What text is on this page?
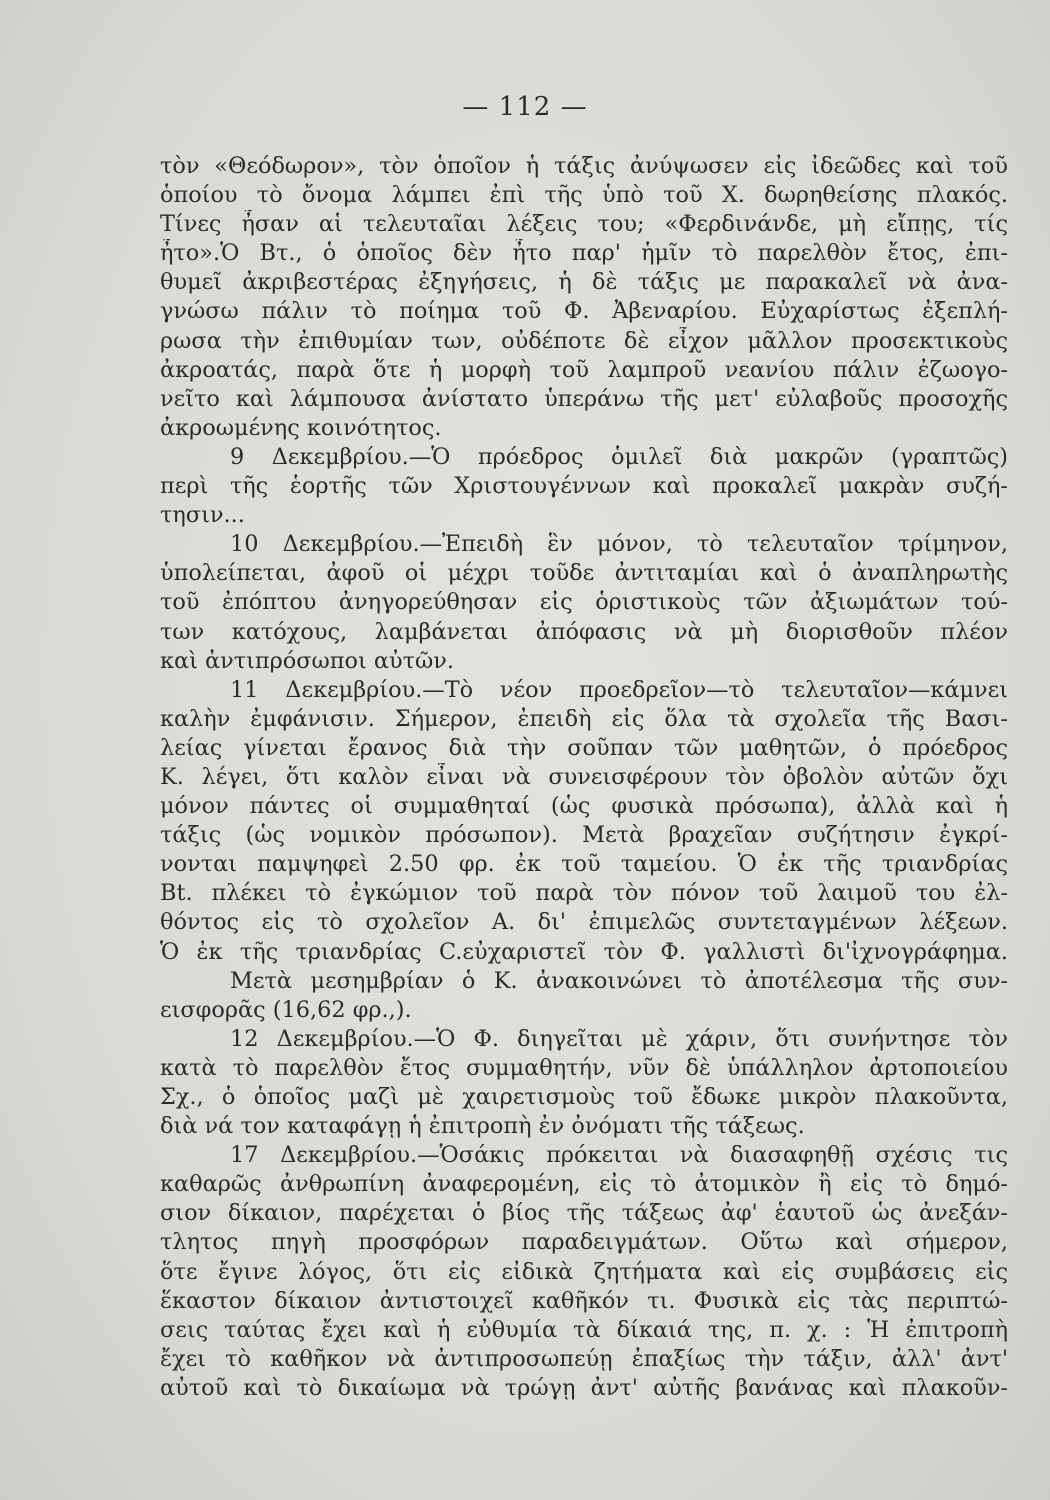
— 112 —
τὸν «Θεόδωρον», τὸν ὁποῖον ἡ τάξις ἀνύψωσεν εἰς ἰδεῶδες καὶ τοῦ
ὁποίου τὸ ὄνομα λάμπει ἐπὶ τῆς ὑπὸ τοῦ Χ. δωρηθείσης πλακός.
Τίνες ἦσαν αἱ τελευταῖαι λέξεις του; «Φερδινάνδε, μὴ εἴπῃς, τίς
ἦτο».Ὁ Βτ., ὁ ὁποῖος δὲν ἦτο παρ' ἡμῖν τὸ παρελθὸν ἔτος, ἐπι-
θυμεῖ ἀκριβεστέρας ἐξηγήσεις, ἡ δὲ τάξις με παρακαλεῖ νὰ ἀνα-
γνώσω πάλιν τὸ ποίημα τοῦ Φ. Ἀβεναρίου. Εὐχαρίστως ἐξεπλή-
ρωσα τὴν ἐπιθυμίαν των, οὐδέποτε δὲ εἶχον μᾶλλον προσεκτικοὺς
ἀκροατάς, παρὰ ὅτε ἡ μορφὴ τοῦ λαμπροῦ νεανίου πάλιν ἐζωογο-
νεῖτο καὶ λάμπουσα ἀνίστατο ὑπεράνω τῆς μετ' εὐλαβοῦς προσοχῆς
ἀκροωμένης κοινότητος.
9 Δεκεμβρίου.—Ὁ πρόεδρος ὁμιλεῖ διὰ μακρῶν (γραπτῶς)
περὶ τῆς ἑορτῆς τῶν Χριστουγέννων καὶ προκαλεῖ μακρὰν συζή-
τησιν...
10 Δεκεμβρίου.—Ἐπειδὴ ἓν μόνον, τὸ τελευταῖον τρίμηνον,
ὑπολείπεται, ἀφοῦ οἱ μέχρι τοῦδε ἀντιταμίαι καὶ ὁ ἀναπληρωτὴς
τοῦ ἐπόπτου ἀνηγορεύθησαν εἰς ὁριστικοὺς τῶν ἀξιωμάτων τού-
των κατόχους, λαμβάνεται ἀπόφασις νὰ μὴ διορισθοῦν πλέον
καὶ ἀντιπρόσωποι αὐτῶν.
11 Δεκεμβρίου.—Τὸ νέον προεδρεῖον—τὸ τελευταῖον—κάμνει
καλὴν ἐμφάνισιν. Σήμερον, ἐπειδὴ εἰς ὅλα τὰ σχολεῖα τῆς Βασι-
λείας γίνεται ἔρανος διὰ τὴν σοῦπαν τῶν μαθητῶν, ὁ πρόεδρος
Κ. λέγει, ὅτι καλὸν εἶναι νὰ συνεισφέρουν τὸν ὀβολὸν αὐτῶν ὄχι
μόνον πάντες οἱ συμμαθηταί (ὡς φυσικὰ πρόσωπα), ἀλλὰ καὶ ἡ
τάξις (ὡς νομικὸν πρόσωπον). Μετὰ βραχεῖαν συζήτησιν ἐγκρί-
νονται παμψηφεὶ 2.50 φρ. ἐκ τοῦ ταμείου. Ὁ ἐκ τῆς τριανδρίας
Βt. πλέκει τὸ ἐγκώμιον τοῦ παρὰ τὸν πόνον τοῦ λαιμοῦ του ἐλ-
θόντος εἰς τὸ σχολεῖον Α. δι' ἐπιμελῶς συντεταγμένων λέξεων.
Ὁ ἐκ τῆς τριανδρίας C.εὐχαριστεῖ τὸν Φ. γαλλιστὶ δι'ἰχνογράφημα.
Μετὰ μεσημβρίαν ὁ Κ. ἀνακοινώνει τὸ ἀποτέλεσμα τῆς συν-
εισφορᾶς (16,62 φρ.,).
12 Δεκεμβρίου.—Ὁ Φ. διηγεῖται μὲ χάριν, ὅτι συνήντησε τὸν
κατὰ τὸ παρελθὸν ἔτος συμμαθητήν, νῦν δὲ ὑπάλληλον ἀρτοποιείου
Σχ., ὁ ὁποῖος μαζὶ μὲ χαιρετισμοὺς τοῦ ἔδωκε μικρὸν πλακοῦντα,
διὰ νά τον καταφάγῃ ἡ ἐπιτροπὴ ἐν ὀνόματι τῆς τάξεως.
17 Δεκεμβρίου.—Ὁσάκις πρόκειται νὰ διασαφηθῇ σχέσις τις
καθαρῶς ἀνθρωπίνη ἀναφερομένη, εἰς τὸ ἀτομικὸν ἢ εἰς τὸ δημό-
σιον δίκαιον, παρέχεται ὁ βίος τῆς τάξεως ἀφ' ἑαυτοῦ ὡς ἀνεξάν-
τλητος πηγὴ προσφόρων παραδειγμάτων. Οὕτω καὶ σήμερον,
ὅτε ἔγινε λόγος, ὅτι εἰς εἰδικὰ ζητήματα καὶ εἰς συμβάσεις εἰς
ἕκαστον δίκαιον ἀντιστοιχεῖ καθῆκόν τι. Φυσικὰ εἰς τὰς περιπτώ-
σεις ταύτας ἔχει καὶ ἡ εὐθυμία τὰ δίκαιά της, π. χ. : Ἡ ἐπιτροπὴ
ἔχει τὸ καθῆκον νὰ ἀντιπροσωπεύῃ ἐπαξίως τὴν τάξιν, ἀλλ' ἀντ'
αὐτοῦ καὶ τὸ δικαίωμα νὰ τρώγῃ ἀντ' αὐτῆς βανάνας καὶ πλακοῦν-
